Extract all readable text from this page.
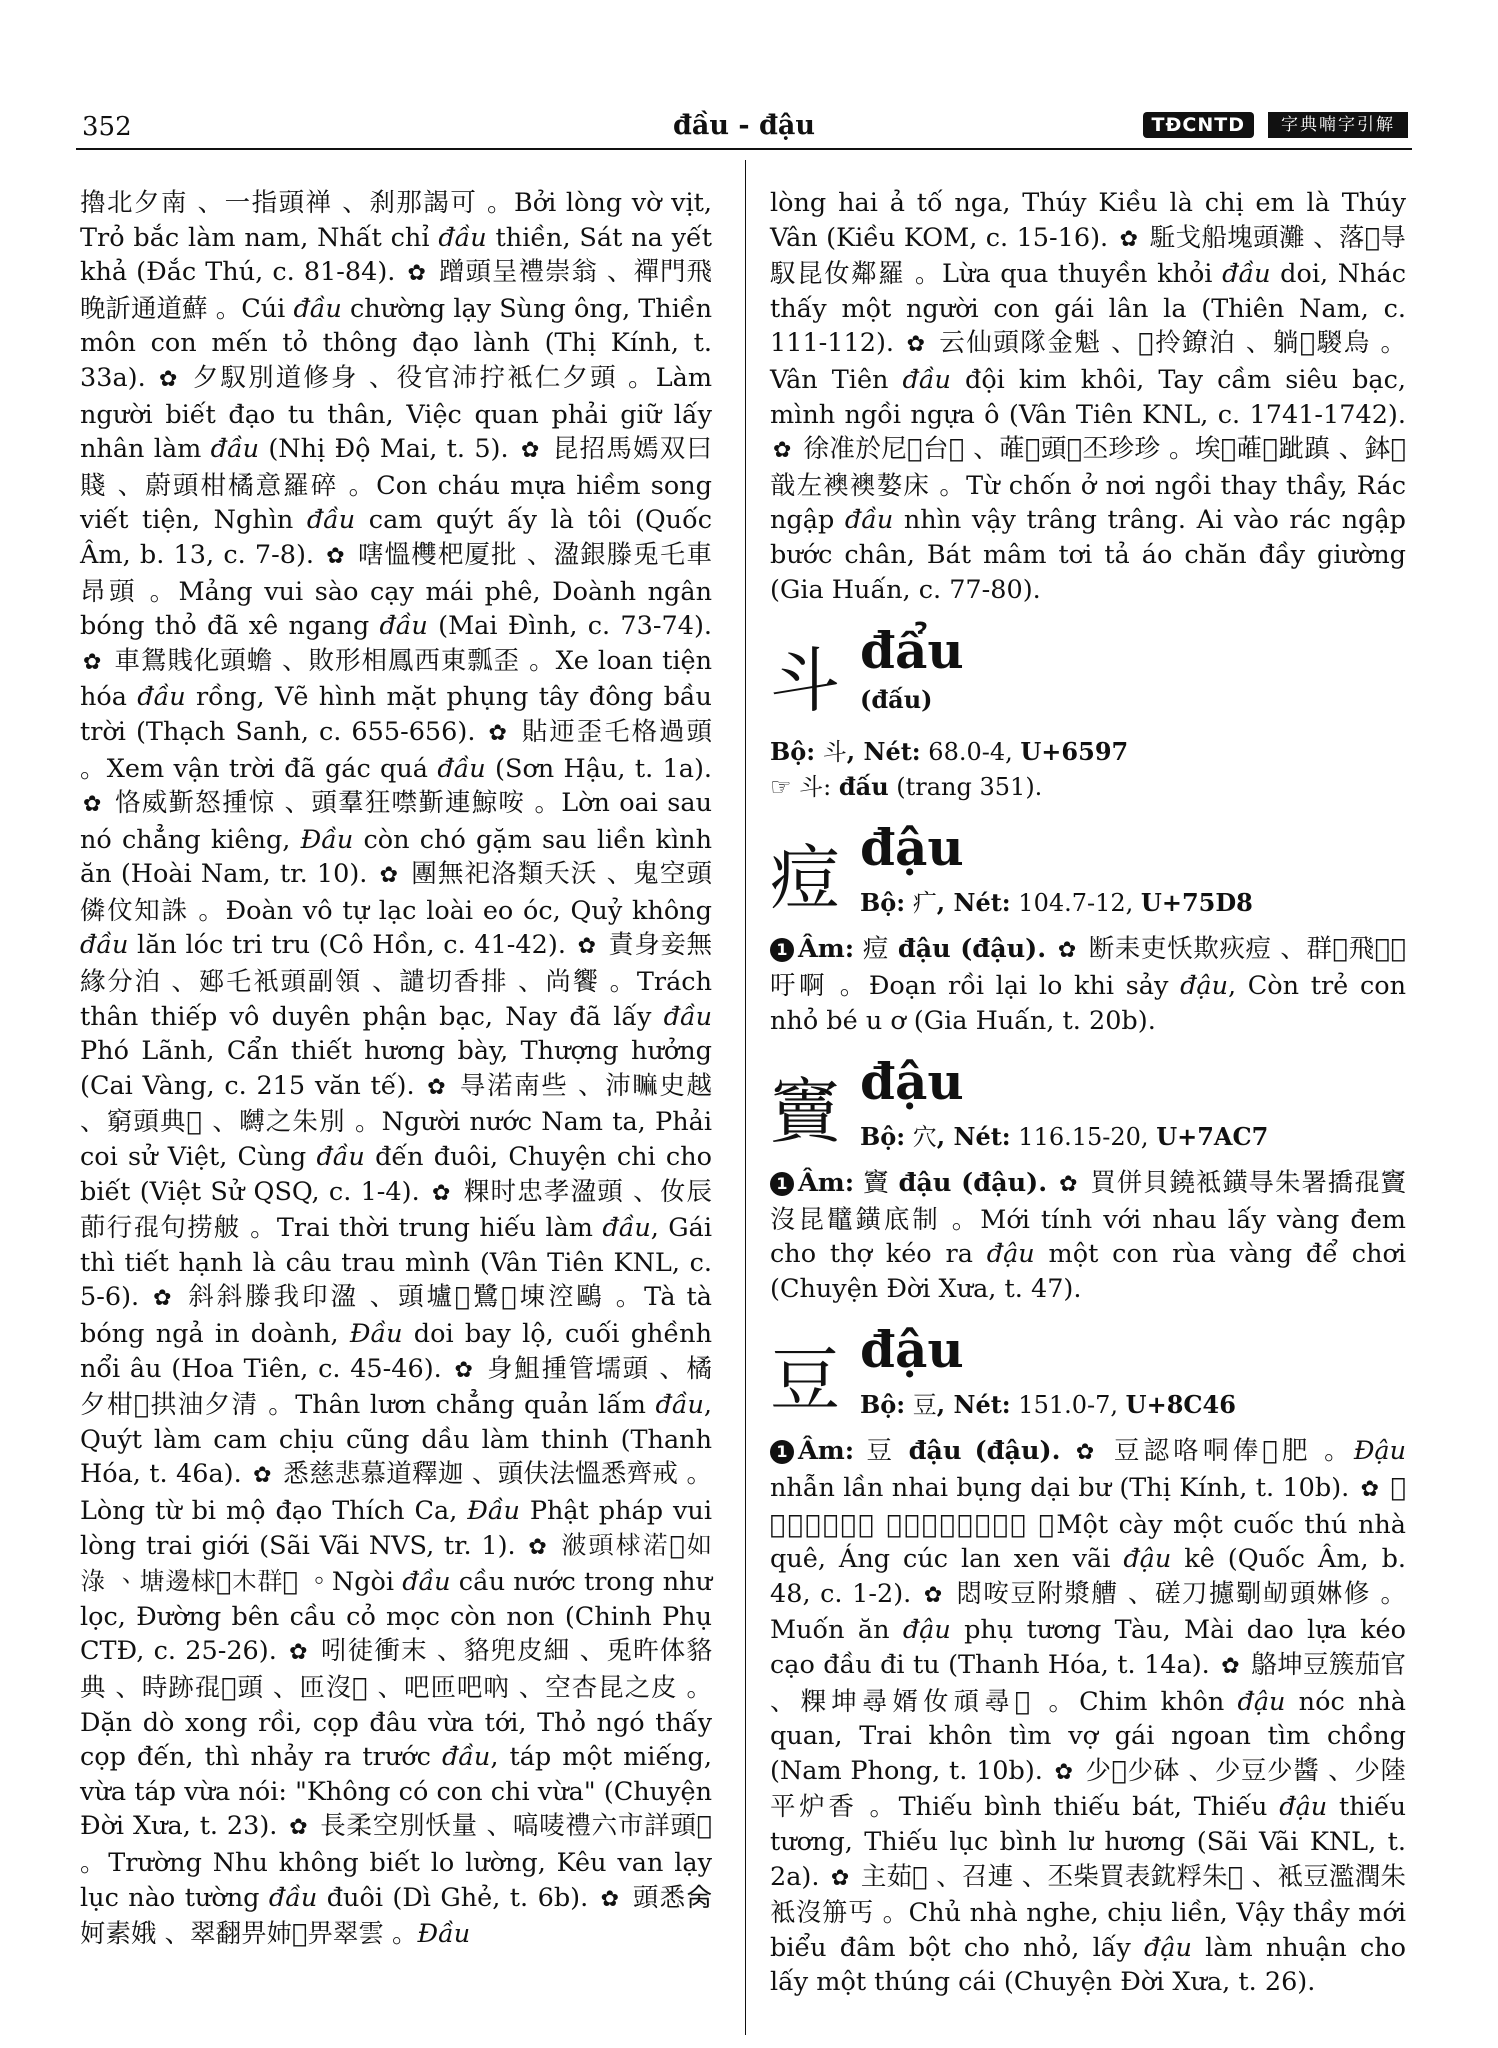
352	đầu - đậu	TĐCNTD	字典喃字引解

擼北夕南 、一指頭禅 、刹那謁可 。Bởi lòng vờ vịt, Trỏ bắc làm nam, Nhất chỉ đầu thiền, Sát na yết khả (Đắc Thú, c. 81-84). ✿ 蹭頭呈禮崇翁 、禪門飛晚訢通道蘚 。Cúi đầu chường lạy Sùng ông, Thiền môn con mến tỏ thông đạo lành (Thị Kính, t. 33a). ✿ 夕馭別道修身 、役官沛拧袛仁夕頭 。Làm người biết đạo tu thân, Việc quan phải giữ lấy nhân làm đầu (Nhị Độ Mai, t. 5). ✿ 昆招馬嫣双曰賤 、蔚頭柑橘意羅碎 。Con cháu mựa hiềm song viết tiện, Nghìn đầu cam quýt ấy là tôi (Quốc Âm, b. 13, c. 7-8). ✿ 嗐慍欆杷厦批 、溋銀滕兎乇車昂頭 。Mảng vui sào cạy mái phê, Doành ngân bóng thỏ đã xê ngang đầu (Mai Đình, c. 73-74). ✿ 車鴛賎化頭蟾 、敗形相鳳西東瓢歪 。Xe loan tiện hóa đầu rồng, Vẽ hình mặt phụng tây đông bầu trời (Thạch Sanh, c. 655-656). ✿ 貼迊歪乇格過頭 。Xem vận trời đã gác quá đầu (Sơn Hậu, t. 1a). ✿ 恪威斳怒揰惊 、頭羣狂噤斳連鯨咹 。Lờn oai sau nó chẳng kiêng, Đầu còn chó gặm sau liền kình ăn (Hoài Nam, tr. 10). ✿ 團無祀洛類夭沃 、鬼空頭僯伩知誅 。Đoàn vô tự lạc loài eo óc, Quỷ không đầu lăn lóc tri tru (Cô Hồn, c. 41-42). ✿ 責身妾無緣分泊 、郔乇衹頭副領 、譴切香排 、尚饗 。Trách thân thiếp vô duyên phận bạc, Nay đã lấy đầu Phó Lãnh, Cẩn thiết hương bày, Thượng hưởng (Cai Vàng, c. 215 văn tế). ✿ 㝵渃南些 、沛𥊚史越 、窮頭典𨁪 、嚩之朱別 。Người nước Nam ta, Phải coi sử Việt, Cùng đầu đến đuôi, Chuyện chi cho biết (Việt Sử QSQ, c. 1-4). ✿ 粿时忠孝溋頭 、㚢辰莭行𡥵句捞𦨭 。Trai thời trung hiếu làm đầu, Gái thì tiết hạnh là câu trau mình (Vân Tiên KNL, c. 5-6). ✿ 斜斜滕我印溋 、頭壚𧼋鷺𡋂埬涳鷗 。Tà tà bóng ngả in doành, Đầu doi bay lộ, cuối ghềnh nổi âu (Hoa Tiên, c. 45-46). ✿ 身䱉揰管壖頭 、橘夕柑𥒥拱油夕清 。Thân lươn chẳng quản lấm đầu, Quýt làm cam chịu cũng dầu làm thinh (Thanh Hóa, t. 46a). ✿ 悉慈悲慕道釋迦 、頭伕法慍悉齊戒 。Lòng từ bi mộ đạo Thích Ca, Đầu Phật pháp vui lòng trai giới (Sãi Vãi NVS, tr. 1). ✿ 𣷭頭梂渃𤄯如淥 、塘邊梂𧿭木群𦹵 。Ngòi đầu cầu nước trong như lọc, Đường bên cầu cỏ mọc còn non (Chinh Phụ CTĐ, c. 25-26). ✿ 吲徒衝末 、貉兜皮細 、兎旿体貉典 、時跡𡥵𦝄頭 、匝沒𠱄 、吧匝吧吶 、空杏昆之皮 。Dặn dò xong rồi, cọp đâu vừa tới, Thỏ ngó thấy cọp đến, thì nhảy ra trước đầu, táp một miếng, vừa táp vừa nói: "Không có con chi vừa" (Chuyện Đời Xưa, t. 23). ✿ 長柔空別㤇量 、嗃唛禮六市詳頭𨀈 。Trường Nhu không biết lo lường, Kêu van lạy lục nào tường đầu đuôi (Dì Ghẻ, t. 6b). ✿ 頭悉𠇮妸素娥 、翠翻畀姉𡛔畀翠雲 。Đầu

lòng hai ả tố nga, Thúy Kiều là chị em là Thúy Vân (Kiều KOM, c. 15-16). ✿ 駈戈船塊頭灘 、落𩛜㝵馭昆㚢鄰羅 。Lừa qua thuyền khỏi đầu doi, Nhác thấy một người con gái lân la (Thiên Nam, c. 111-112). ✿ 云仙頭隊金魁 、𢬣拎鐐泊 、躺𩨅騣烏 。Vân Tiên đầu đội kim khôi, Tay cầm siêu bạc, mình ngồi ngựa ô (Vân Tiên KNL, c. 1741-1742). ✿ 徐准於尼𣌒台𩛂 、蓶𣿨頭𥉴丕珍珍 。埃𠊛蓶𣿨跐蹎 、鉢𥑂戠左襖襖嫯床 。Từ chốn ở nơi ngồi thay thầy, Rác ngập đầu nhìn vậy trâng trâng. Ai vào rác ngập bước chân, Bát mâm tơi tả áo chăn đầy giường (Gia Huấn, c. 77-80).

斗 đẩu
(đấu)
Bộ: 斗, Nét: 68.0-4, U+6597
☞ 斗: đấu (trang 351).
痘 đậu
Bộ: 疒, Nét: 104.7-12, U+75D8

1 Âm: 痘 đậu (đậu). ✿ 断耒吏㤇欺疢痘 、群𩛷飛𦝄𠆾吁啊 。Đoạn rồi lại lo khi sảy đậu, Còn trẻ con nhỏ bé u ơ (Gia Huấn, t. 20b).

竇 đậu
Bộ: 穴, Nét: 116.15-20, U+7AC7

1 Âm: 竇 đậu (đậu). ✿ 買併貝鐃袛鐄㝵朱署撟𡥵竇沒昆鼊鐄底制 。Mới tính với nhau lấy vàng đem cho thợ kéo ra đậu một con rùa vàng để chơi (Chuyện Đời Xưa, t. 47).

豆 đậu
Bộ: 豆, Nét: 151.0-7, U+8C46

1 Âm: 豆 đậu (đậu). ✿ 豆認咯哃俸𩟡肥 。Đậu nhẫn lần nhai bụng dại bư (Thị Kính, t. 10b). ✿ 𠁀耕𠁀鏑趣茹圭 、盎菊蘭杆𢯏豆瞀 。Một cày một cuốc thú nhà quê, Áng cúc lan xen vãi đậu kê (Quốc Âm, b. 48, c. 1-2). ✿ 悶咹豆附漿艚 、磋刀攄劅𠝅頭㛦修 。Muốn ăn đậu phụ tương Tàu, Mài dao lựa kéo cạo đầu đi tu (Thanh Hóa, t. 14a). ✿ 鴼坤豆簇茄官 、粿坤尋婿㚢頑尋𫯳 。Chim khôn đậu nóc nhà quan, Trai khôn tìm vợ gái ngoan tìm chồng (Nam Phong, t. 10b). ✿ 少𤮄少砵 、少豆少醬 、少陸平炉香 。Thiếu bình thiếu bát, Thiếu đậu thiếu tương, Thiếu lục bình lư hương (Sãi Vãi KNL, t. 2a). ✿ 主茹𧡊 、召連 、丕柴買表鈂粰朱𦝄 、袛豆濫潤朱袛沒笧丐 。Chủ nhà nghe, chịu liền, Vậy thầy mới biểu đâm bột cho nhỏ, lấy đậu làm nhuận cho lấy một thúng cái (Chuyện Đời Xưa, t. 26).
